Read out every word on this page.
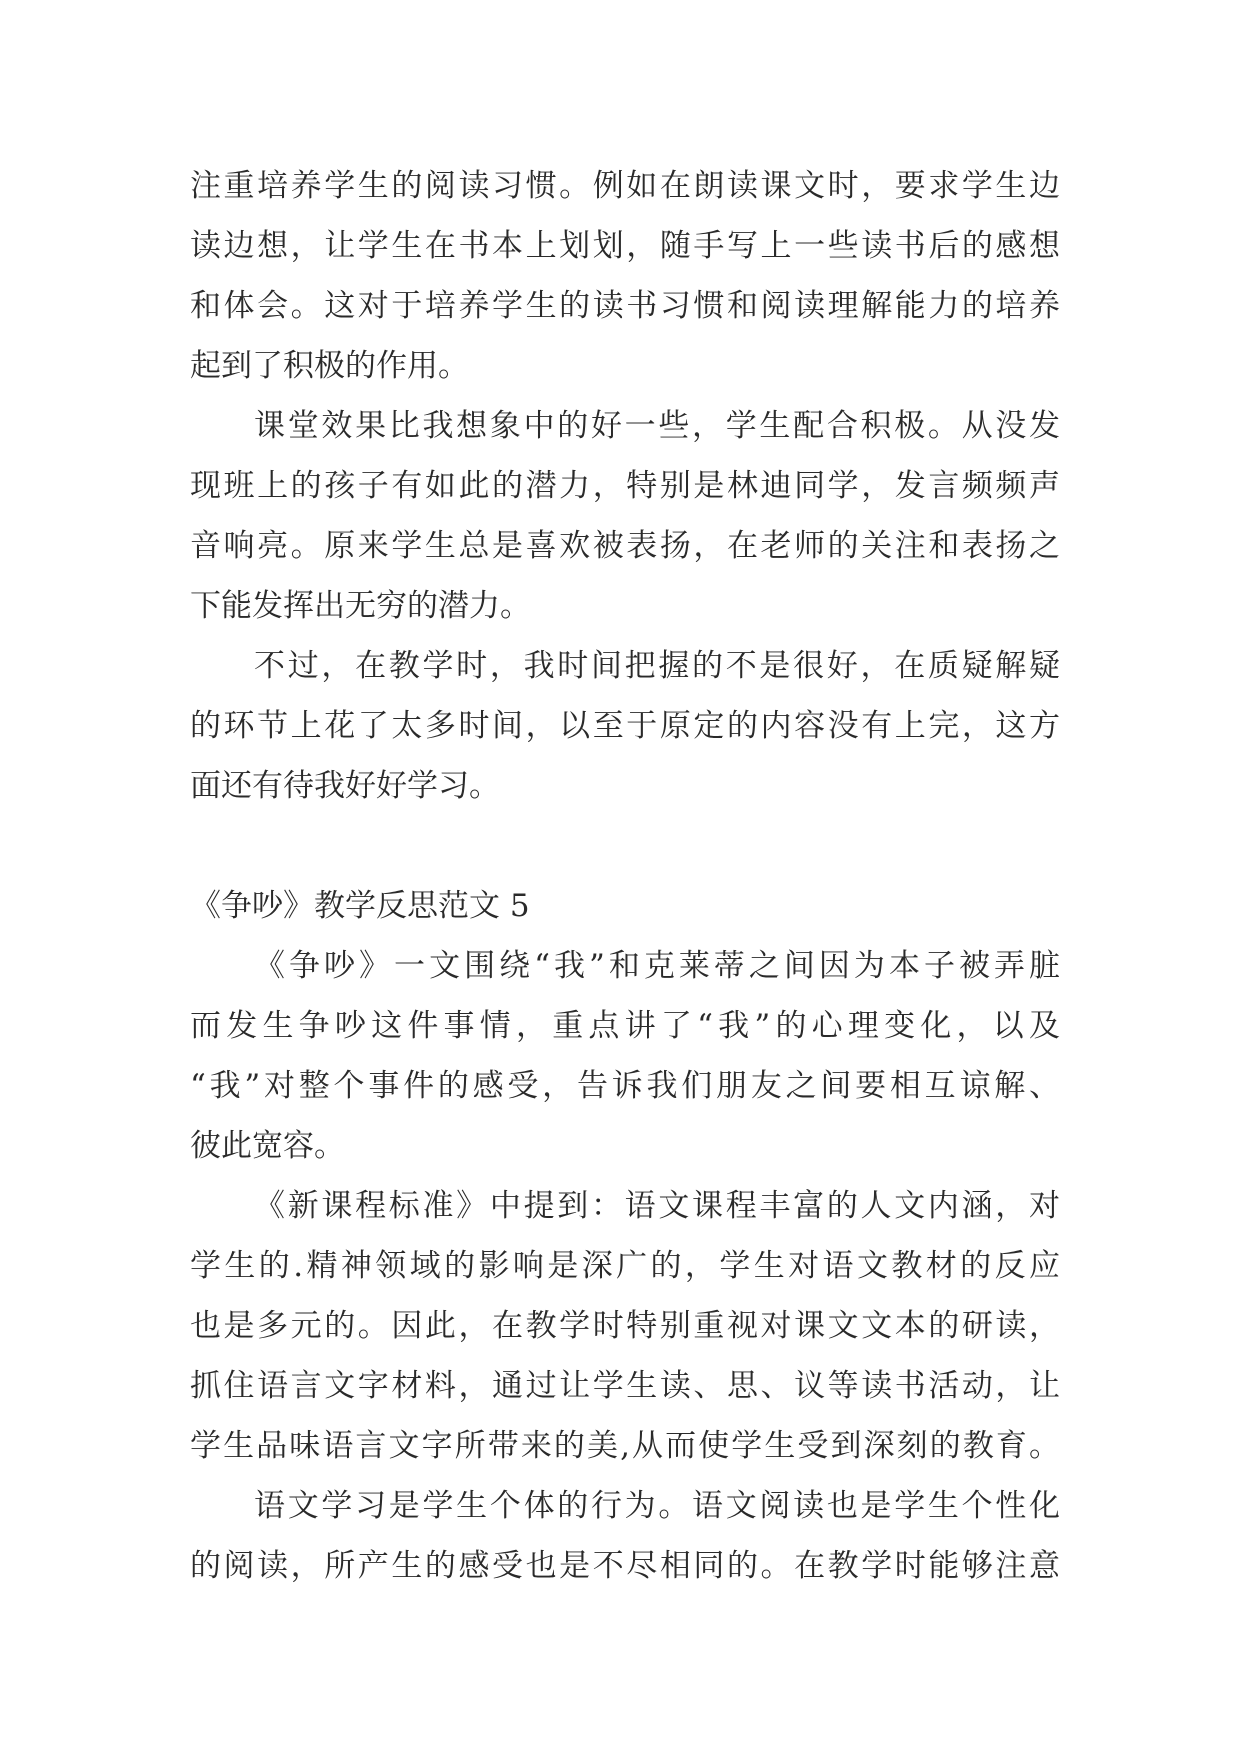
注重培养学生的阅读习惯。例如在朗读课文时，要求学生边
读边想，让学生在书本上划划，随手写上一些读书后的感想
和体会。这对于培养学生的读书习惯和阅读理解能力的培养
起到了积极的作用。
课堂效果比我想象中的好一些，学生配合积极。从没发
现班上的孩子有如此的潜力，特别是林迪同学，发言频频声
音响亮。原来学生总是喜欢被表扬，在老师的关注和表扬之
下能发挥出无穷的潜力。
不过，在教学时，我时间把握的不是很好，在质疑解疑
的环节上花了太多时间，以至于原定的内容没有上完，这方
面还有待我好好学习。
《争吵》教学反思范文 5
《争吵》一文围绕“我”和克莱蒂之间因为本子被弄脏
而发生争吵这件事情，重点讲了“我”的心理变化，以及
“我”对整个事件的感受，告诉我们朋友之间要相互谅解、
彼此宽容。
《新课程标准》中提到：语文课程丰富的人文内涵，对
学生的.精神领域的影响是深广的，学生对语文教材的反应
也是多元的。因此，在教学时特别重视对课文文本的研读，
抓住语言文字材料，通过让学生读、思、议等读书活动，让
学生品味语言文字所带来的美,从而使学生受到深刻的教育。
语文学习是学生个体的行为。语文阅读也是学生个性化
的阅读，所产生的感受也是不尽相同的。在教学时能够注意
